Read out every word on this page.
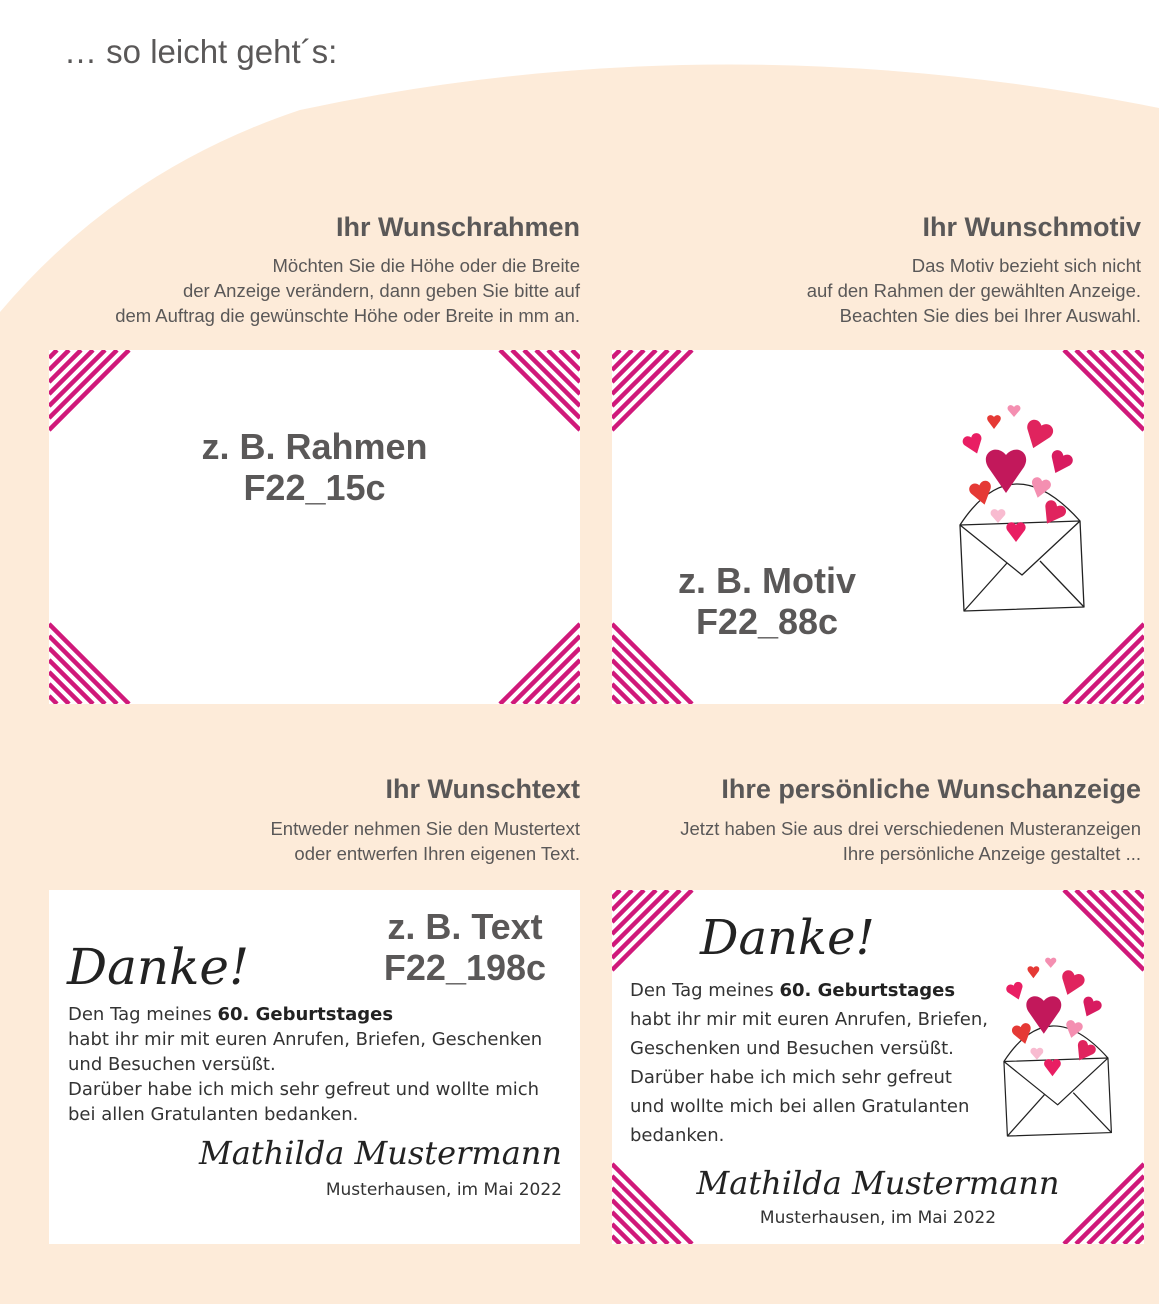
… so leicht geht´s:
Ihr Wunschrahmen
Möchten Sie die Höhe oder die Breite
der Anzeige verändern, dann geben Sie bitte auf
dem Auftrag die gewünschte Höhe oder Breite in mm an.
z. B. Rahmen
F22_15c
Ihr Wunschmotiv
Das Motiv bezieht sich nicht
auf den Rahmen der gewählten Anzeige.
Beachten Sie dies bei Ihrer Auswahl.
z. B. Motiv
F22_88c
Ihr Wunschtext
Entweder nehmen Sie den Mustertext
oder entwerfen Ihren eigenen Text.
z. B. Text
F22_198c
Danke!
Den Tag meines 60. Geburtstages
habt ihr mir mit euren Anrufen, Briefen, Geschenken
und Besuchen versüßt.
Darüber habe ich mich sehr gefreut und wollte mich
bei allen Gratulanten bedanken.
Mathilda Mustermann
Musterhausen, im Mai 2022
Ihre persönliche Wunschanzeige
Jetzt haben Sie aus drei verschiedenen Musteranzeigen
Ihre persönliche Anzeige gestaltet ...
Danke!
Den Tag meines 60. Geburtstages
habt ihr mir mit euren Anrufen, Briefen,
Geschenken und Besuchen versüßt.
Darüber habe ich mich sehr gefreut
und wollte mich bei allen Gratulanten
bedanken.
Mathilda Mustermann
Musterhausen, im Mai 2022
